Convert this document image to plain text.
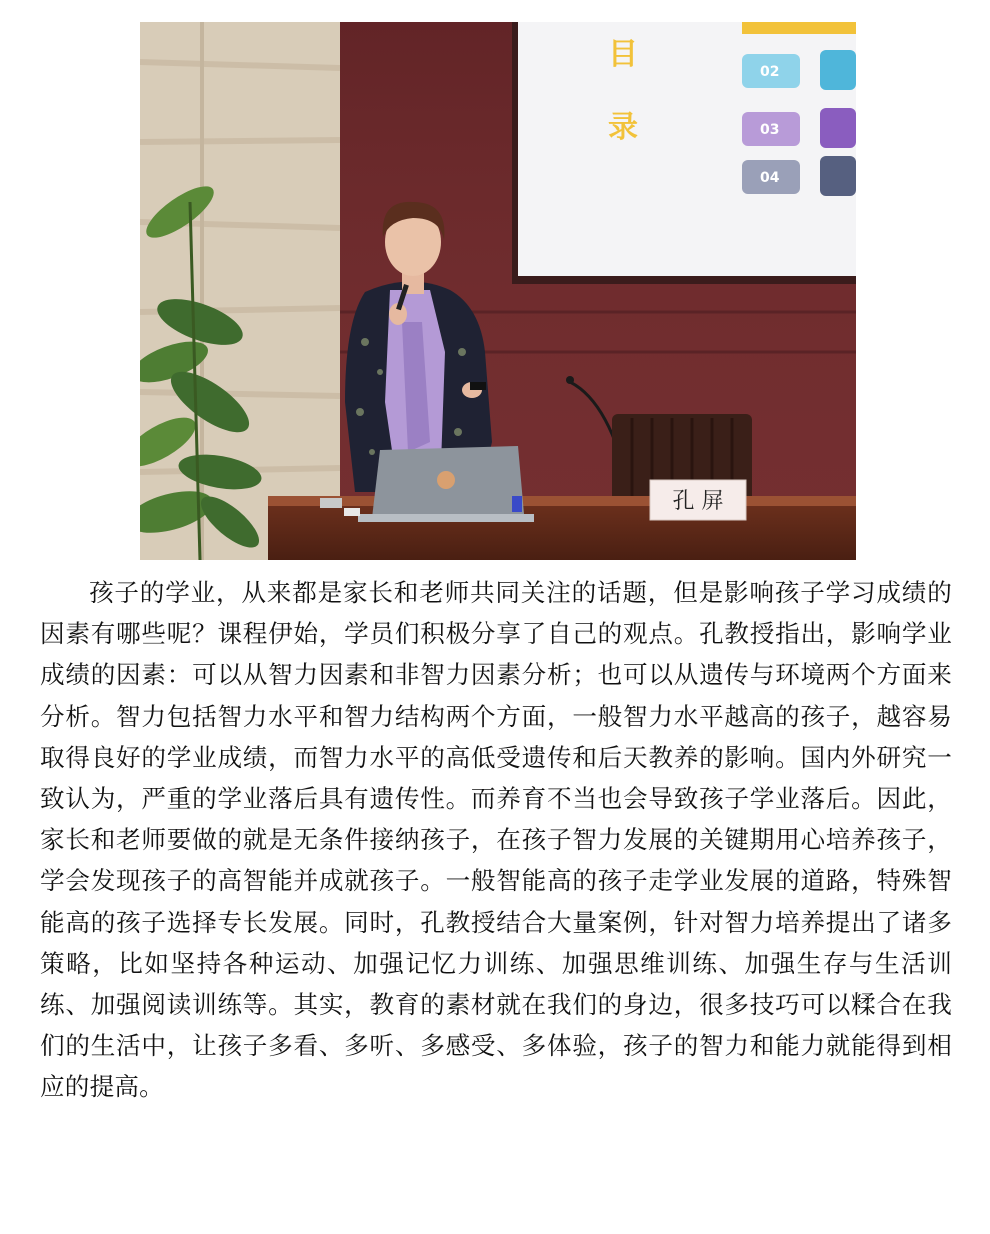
目
录
02
03
04
孔 屏

孩子的学业，从来都是家长和老师共同关注的话题，但是影响孩子学习成绩的因素有哪些呢？课程伊始，学员们积极分享了自己的观点。孔教授指出，影响学业成绩的因素：可以从智力因素和非智力因素分析；也可以从遗传与环境两个方面来分析。智力包括智力水平和智力结构两个方面，一般智力水平越高的孩子，越容易取得良好的学业成绩，而智力水平的高低受遗传和后天教养的影响。国内外研究一致认为，严重的学业落后具有遗传性。而养育不当也会导致孩子学业落后。因此，家长和老师要做的就是无条件接纳孩子，在孩子智力发展的关键期用心培养孩子，学会发现孩子的高智能并成就孩子。一般智能高的孩子走学业发展的道路，特殊智能高的孩子选择专长发展。同时，孔教授结合大量案例，针对智力培养提出了诸多策略，比如坚持各种运动、加强记忆力训练、加强思维训练、加强生存与生活训练、加强阅读训练等。其实，教育的素材就在我们的身边，很多技巧可以糅合在我们的生活中，让孩子多看、多听、多感受、多体验，孩子的智力和能力就能得到相应的提高。
